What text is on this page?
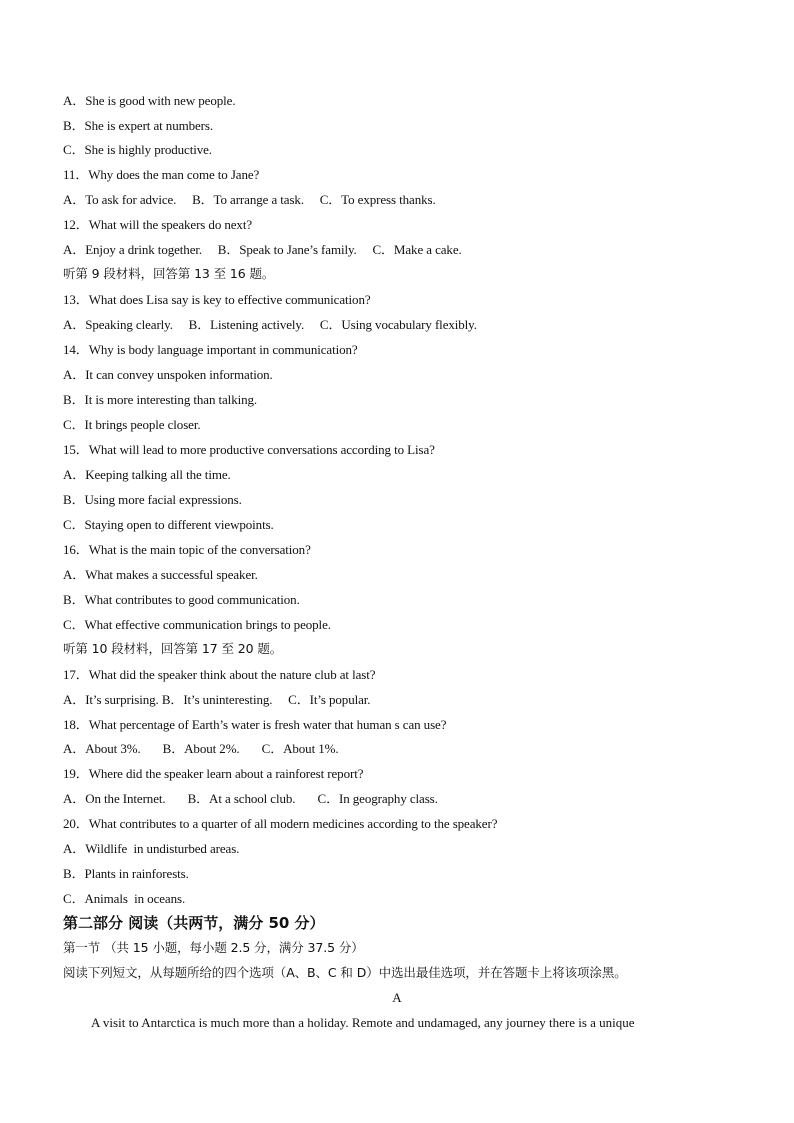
A．She is good with new people.
B．She is expert at numbers.
C．She is highly productive.
11．Why does the man come to Jane?
A．To ask for advice.     B．To arrange a task.     C．To express thanks.
12．What will the speakers do next?
A．Enjoy a drink together.     B．Speak to Jane’s family.     C．Make a cake.
听第 9 段材料，回答第 13 至 16 题。
13．What does Lisa say is key to effective communication?
A．Speaking clearly.     B．Listening actively.     C．Using vocabulary flexibly.
14．Why is body language important in communication?
A．It can convey unspoken information.
B．It is more interesting than talking.
C．It brings people closer.
15．What will lead to more productive conversations according to Lisa?
A．Keeping talking all the time.
B．Using more facial expressions.
C．Staying open to different viewpoints.
16．What is the main topic of the conversation?
A．What makes a successful speaker.
B．What contributes to good communication.
C．What effective communication brings to people.
听第 10 段材料，回答第 17 至 20 题。
17．What did the speaker think about the nature club at last?
A．It’s surprising. B．It’s uninteresting.     C．It’s popular.
18．What percentage of Earth’s water is fresh water that human s can use?
A．About 3%.       B．About 2%.       C．About 1%.
19．Where did the speaker learn about a rainforest report?
A．On the Internet.       B．At a school club.       C．In geography class.
20．What contributes to a quarter of all modern medicines according to the speaker?
A．Wildlife  in undisturbed areas.
B．Plants in rainforests.
C．Animals  in oceans.
第二部分 阅读（共两节，满分 50 分）
第一节 （共 15 小题，每小题 2.5 分，满分 37.5 分）
阅读下列短文，从每题所给的四个选项（A、B、C 和 D）中选出最佳选项，并在答题卡上将该项涂黑。
A
A visit to Antarctica is much more than a holiday. Remote and undamaged, any journey there is a unique
